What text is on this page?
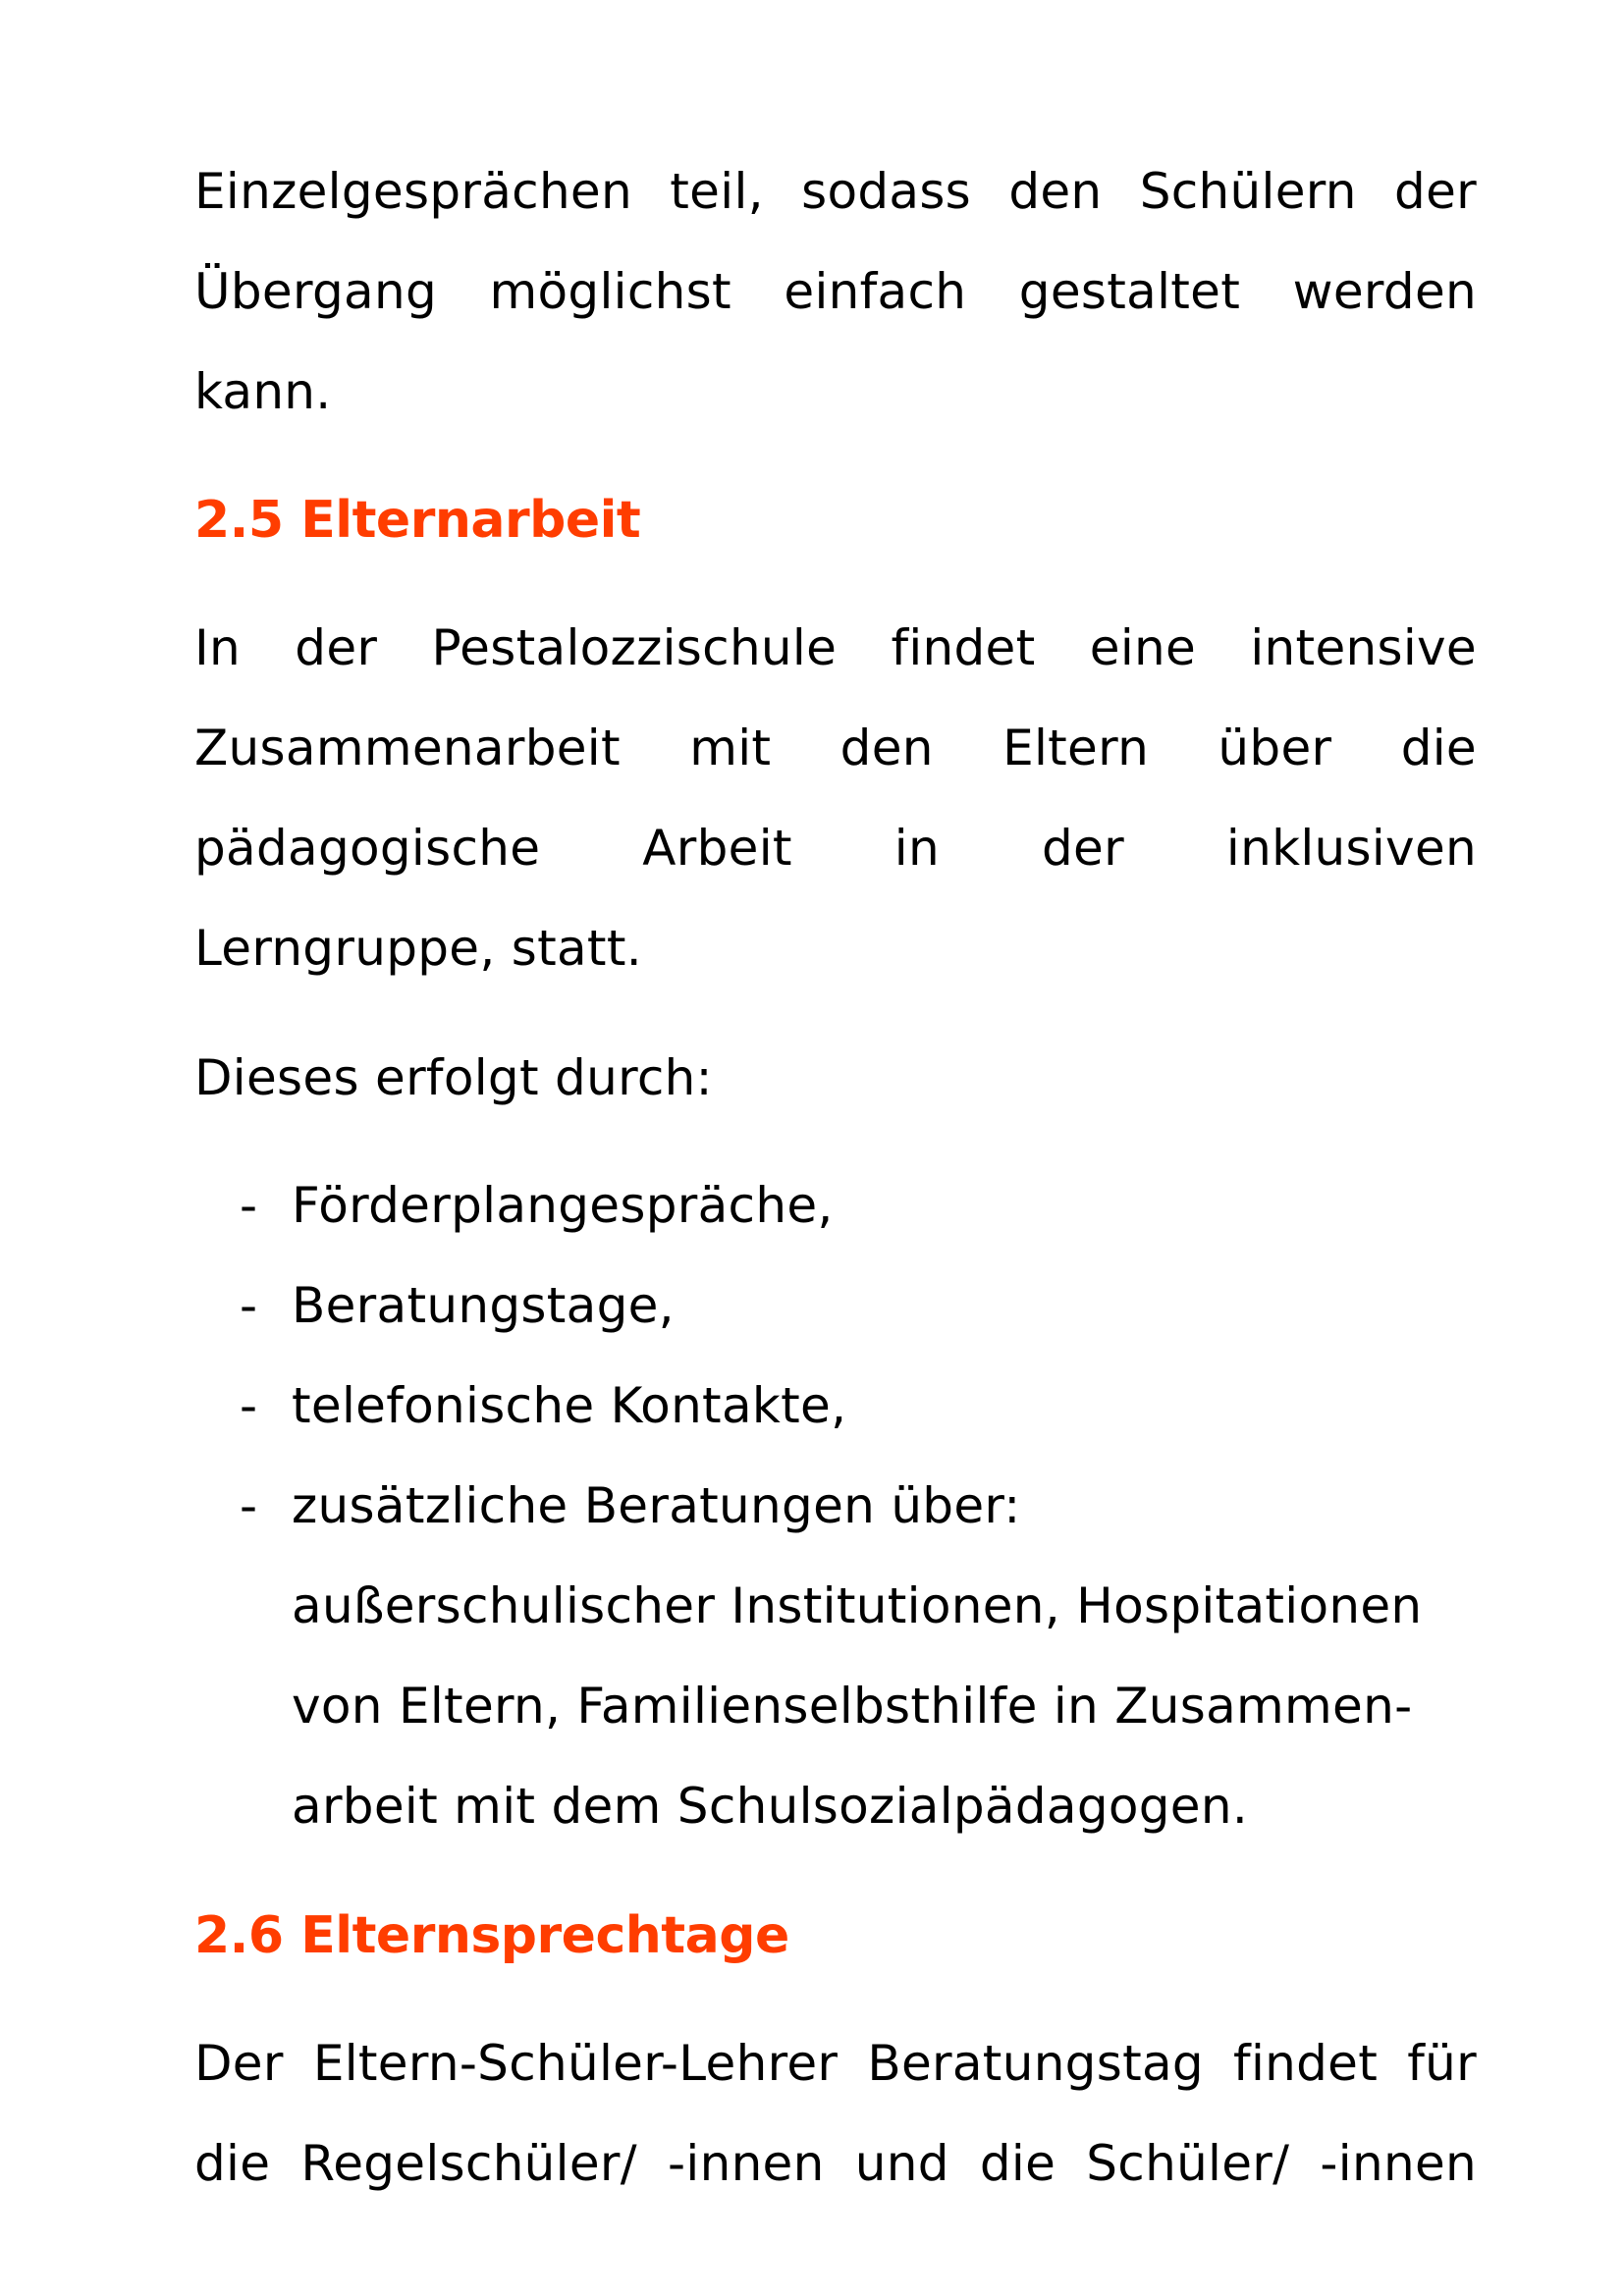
Einzelgesprächen teil, sodass den Schülern der
Übergang möglichst einfach gestaltet werden
kann.
2.5 Elternarbeit
In der Pestalozzischule findet eine intensive
Zusammenarbeit mit den Eltern über die
pädagogische Arbeit in der inklusiven
Lerngruppe, statt.
Dieses erfolgt durch:
- Förderplangespräche,
- Beratungstage,
- telefonische Kontakte,
- zusätzliche Beratungen über:
außerschulischer Institutionen, Hospitationen
von Eltern, Familienselbsthilfe in Zusammen-
arbeit mit dem Schulsozialpädagogen.
2.6 Elternsprechtage
Der Eltern-Schüler-Lehrer Beratungstag findet für
die Regelschüler/ -innen und die Schüler/ -innen
